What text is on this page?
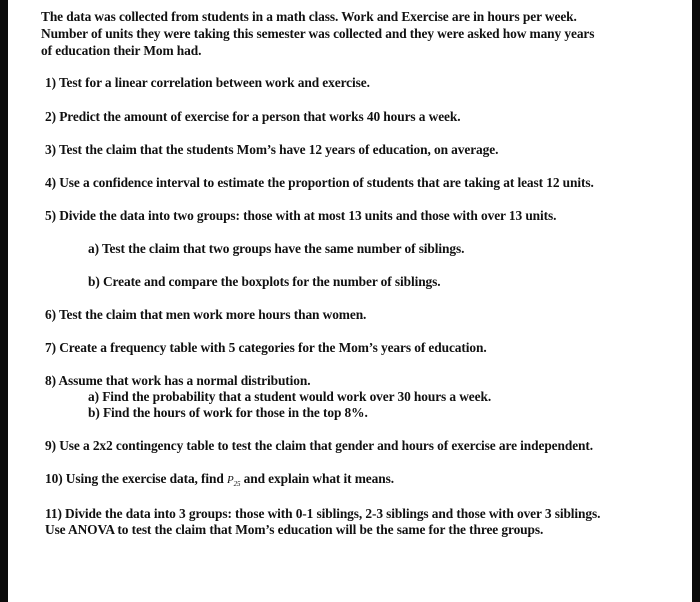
The data was collected from students in a math class. Work and Exercise are in hours per week.
Number of units they were taking this semester was collected and they were asked how many years
of education their Mom had.
1) Test for a linear correlation between work and exercise.
2) Predict the amount of exercise for a person that works 40 hours a week.
3) Test the claim that the students Mom’s have 12 years of education, on average.
4) Use a confidence interval to estimate the proportion of students that are taking at least 12 units.
5) Divide the data into two groups: those with at most 13 units and those with over 13 units.
a) Test the claim that two groups have the same number of siblings.
b) Create and compare the boxplots for the number of siblings.
6) Test the claim that men work more hours than women.
7) Create a frequency table with 5 categories for the Mom’s years of education.
8) Assume that work has a normal distribution.
a) Find the probability that a student would work over 30 hours a week.
b) Find the hours of work for those in the top 8%.
9) Use a 2x2 contingency table to test the claim that gender and hours of exercise are independent.
10) Using the exercise data, find $P_{25}$ and explain what it means.
11) Divide the data into 3 groups: those with 0-1 siblings, 2-3 siblings and those with over 3 siblings.
Use ANOVA to test the claim that Mom’s education will be the same for the three groups.
